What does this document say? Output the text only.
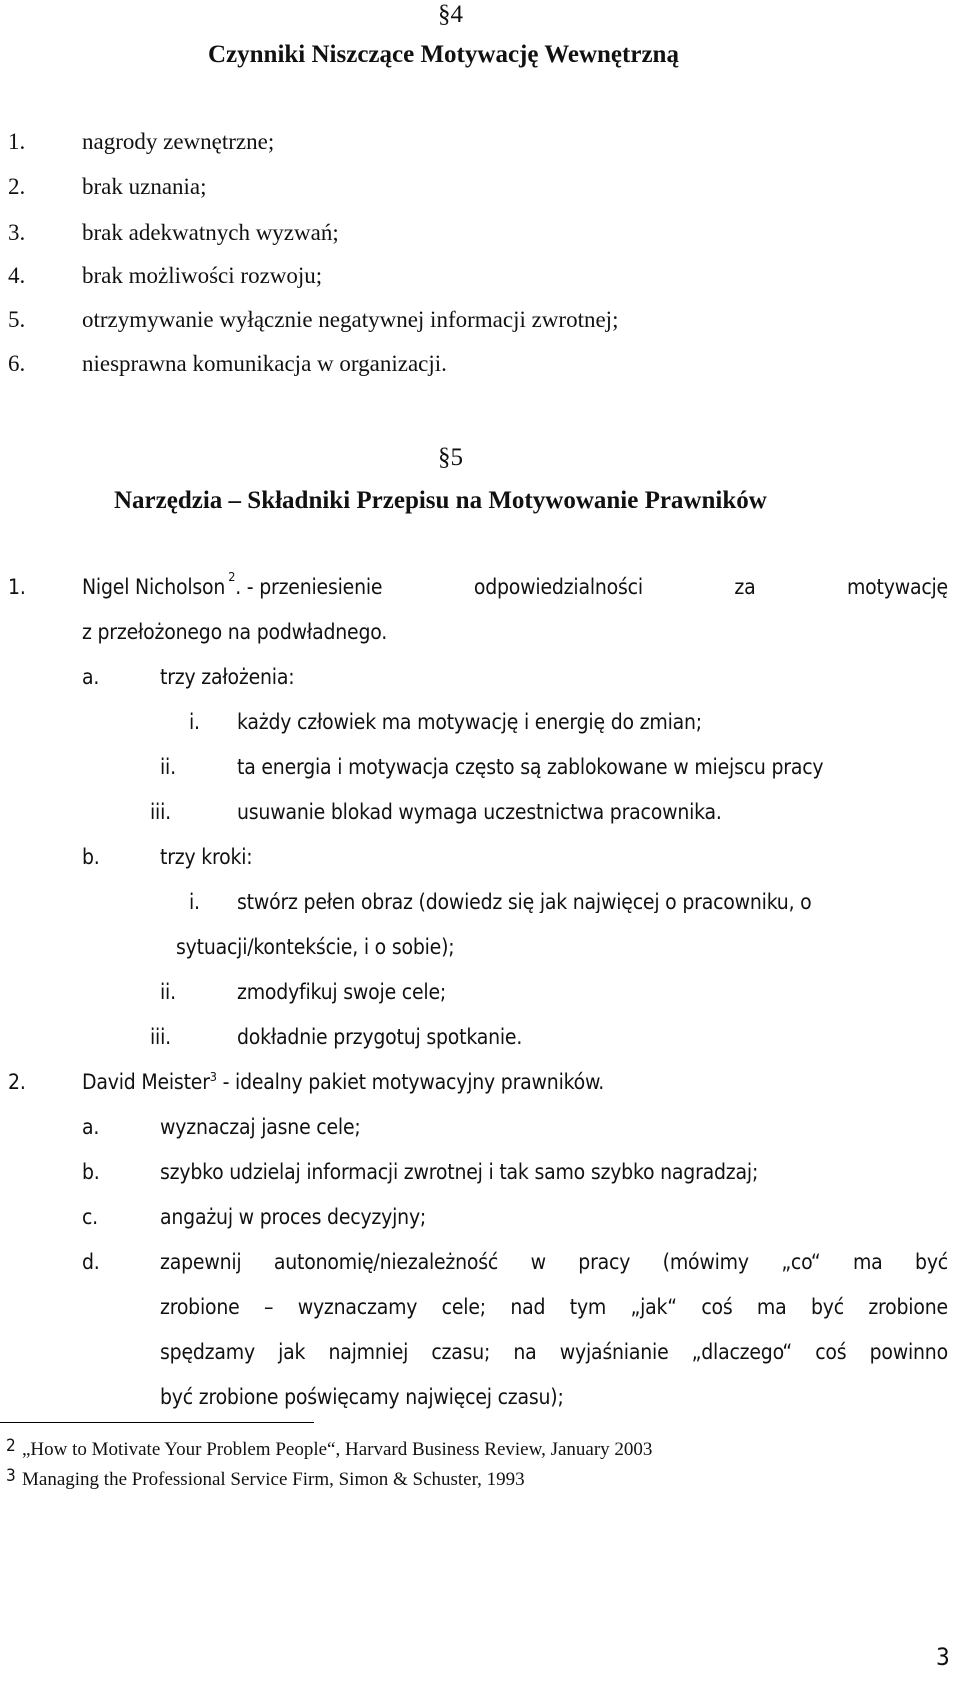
§4
Czynniki Niszczące Motywację Wewnętrzną
1. nagrody zewnętrzne;
2. brak uznania;
3. brak adekwatnych wyzwań;
4. brak możliwości rozwoju;
5. otrzymywanie wyłącznie negatywnej informacji zwrotnej;
6. niesprawna komunikacja w organizacji.
§5
Narzędzia – Składniki Przepisu na Motywowanie Prawników
1.	Nigel Nicholson 2 . - przeniesienie	odpowiedzialności	za	motywację
z przełożonego na podwładnego.
a.	trzy założenia:
i. każdy człowiek ma motywację i energię do zmian;
ii.	ta energia i motywacja często są zablokowane w miejscu pracy
iii.	usuwanie blokad wymaga uczestnictwa pracownika.
b.	trzy kroki:
i. stwórz pełen obraz (dowiedz się jak najwięcej o pracowniku, o
sytuacji/kontekście, i o sobie);
ii.	zmodyfikuj swoje cele;
iii.	dokładnie przygotuj spotkanie.
2.	David Meister$^3$ - idealny pakiet motywacyjny prawników.
a.	wyznaczaj jasne cele;
b.	szybko udzielaj informacji zwrotnej i tak samo szybko nagradzaj;
c.	angażuj w proces decyzyjny;
d.	zapewnij autonomię/niezależność w pracy (mówimy „co“ ma być
zrobione – wyznaczamy cele; nad tym „jak“ coś ma być zrobione
spędzamy jak najmniej czasu; na wyjaśnianie „dlaczego“ coś powinno
być zrobione poświęcamy najwięcej czasu);
2 „How to Motivate Your Problem People“, Harvard Business Review, January 2003
3 Managing the Professional Service Firm, Simon & Schuster, 1993
3
